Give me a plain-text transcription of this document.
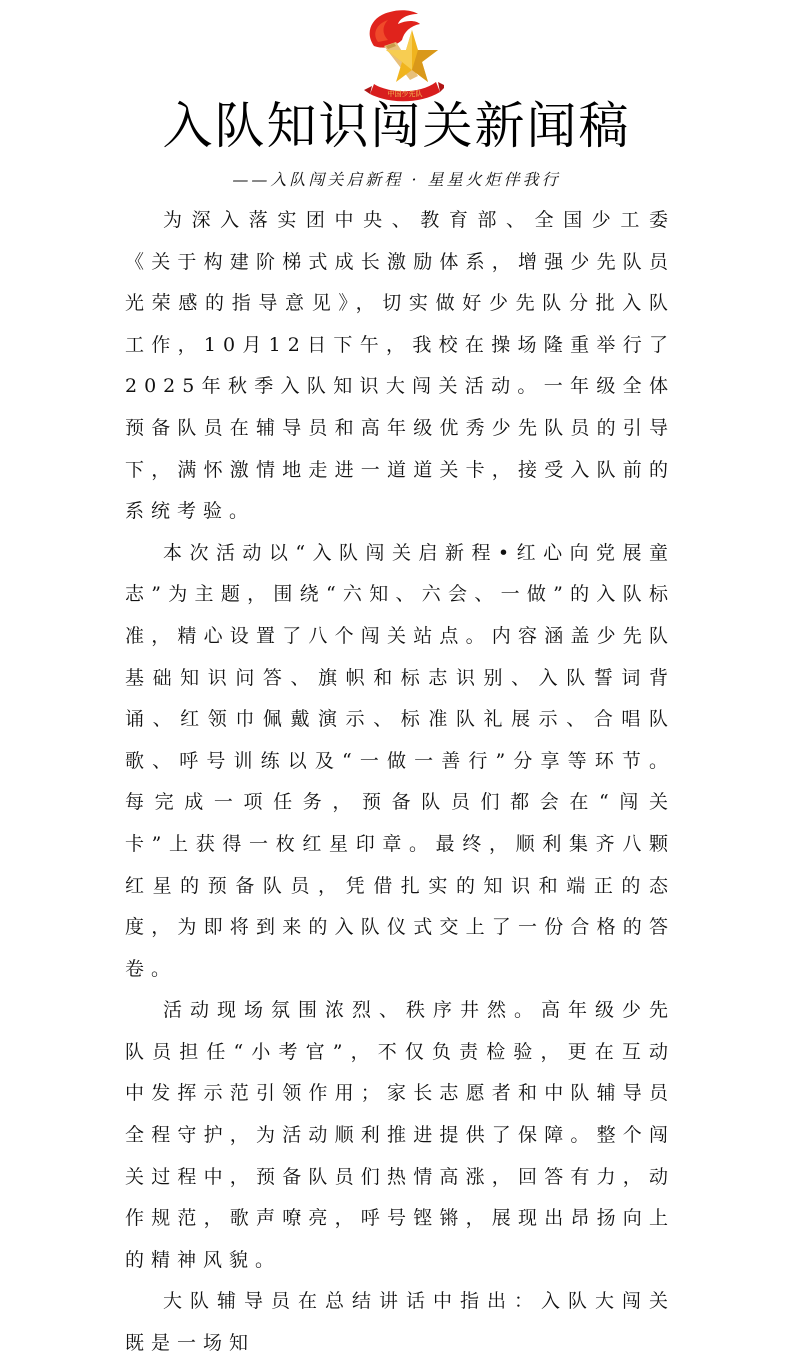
中国少先队
入队知识闯关新闻稿
——入队闯关启新程 · 星星火炬伴我行

为深入落实团中央、教育部、全国少工委《关于构建阶梯式成长激励体系，增强少先队员光荣感的指导意见》，切实做好少先队分批入队工作，10月12日下午，我校在操场隆重举行了2025年秋季入队知识大闯关活动。一年级全体预备队员在辅导员和高年级优秀少先队员的引导下，满怀激情地走进一道道关卡，接受入队前的系统考验。

本次活动以“入队闯关启新程•红心向党展童志”为主题，围绕“六知、六会、一做”的入队标准，精心设置了八个闯关站点。内容涵盖少先队基础知识问答、旗帜和标志识别、入队誓词背诵、红领巾佩戴演示、标准队礼展示、合唱队歌、呼号训练以及“一做一善行”分享等环节。每完成一项任务，预备队员们都会在“闯关卡”上获得一枚红星印章。最终，顺利集齐八颗红星的预备队员，凭借扎实的知识和端正的态度，为即将到来的入队仪式交上了一份合格的答卷。

活动现场氛围浓烈、秩序井然。高年级少先队员担任“小考官”，不仅负责检验，更在互动中发挥示范引领作用；家长志愿者和中队辅导员全程守护，为活动顺利推进提供了保障。整个闯关过程中，预备队员们热情高涨，回答有力，动作规范，歌声嘹亮，呼号铿锵，展现出昂扬向上的精神风貌。

大队辅导员在总结讲话中指出：入队大闯关既是一场知
